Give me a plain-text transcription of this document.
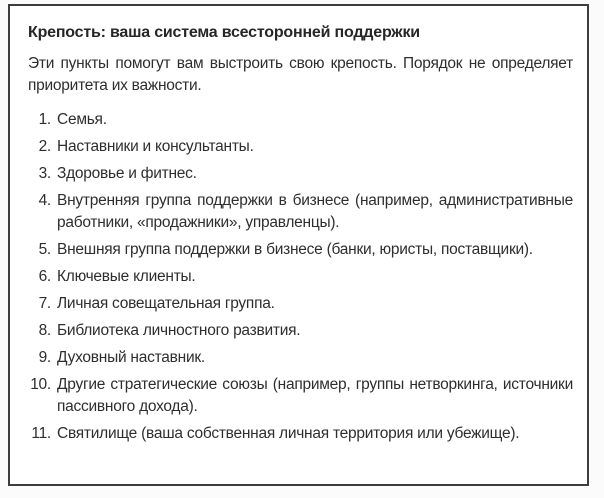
Крепость: ваша система всесторонней поддержки

Эти пункты помогут вам выстроить свою крепость. Порядок не определяет приоритета их важности.

1. Семья.
2. Наставники и консультанты.
3. Здоровье и фитнес.
4. Внутренняя группа поддержки в бизнесе (например, административные работники, «продажники», управленцы).
5. Внешняя группа поддержки в бизнесе (банки, юристы, поставщики).
6. Ключевые клиенты.
7. Личная совещательная группа.
8. Библиотека личностного развития.
9. Духовный наставник.
10. Другие стратегические союзы (например, группы нетворкинга, источники пассивного дохода).
11. Святилище (ваша собственная личная территория или убежище).
